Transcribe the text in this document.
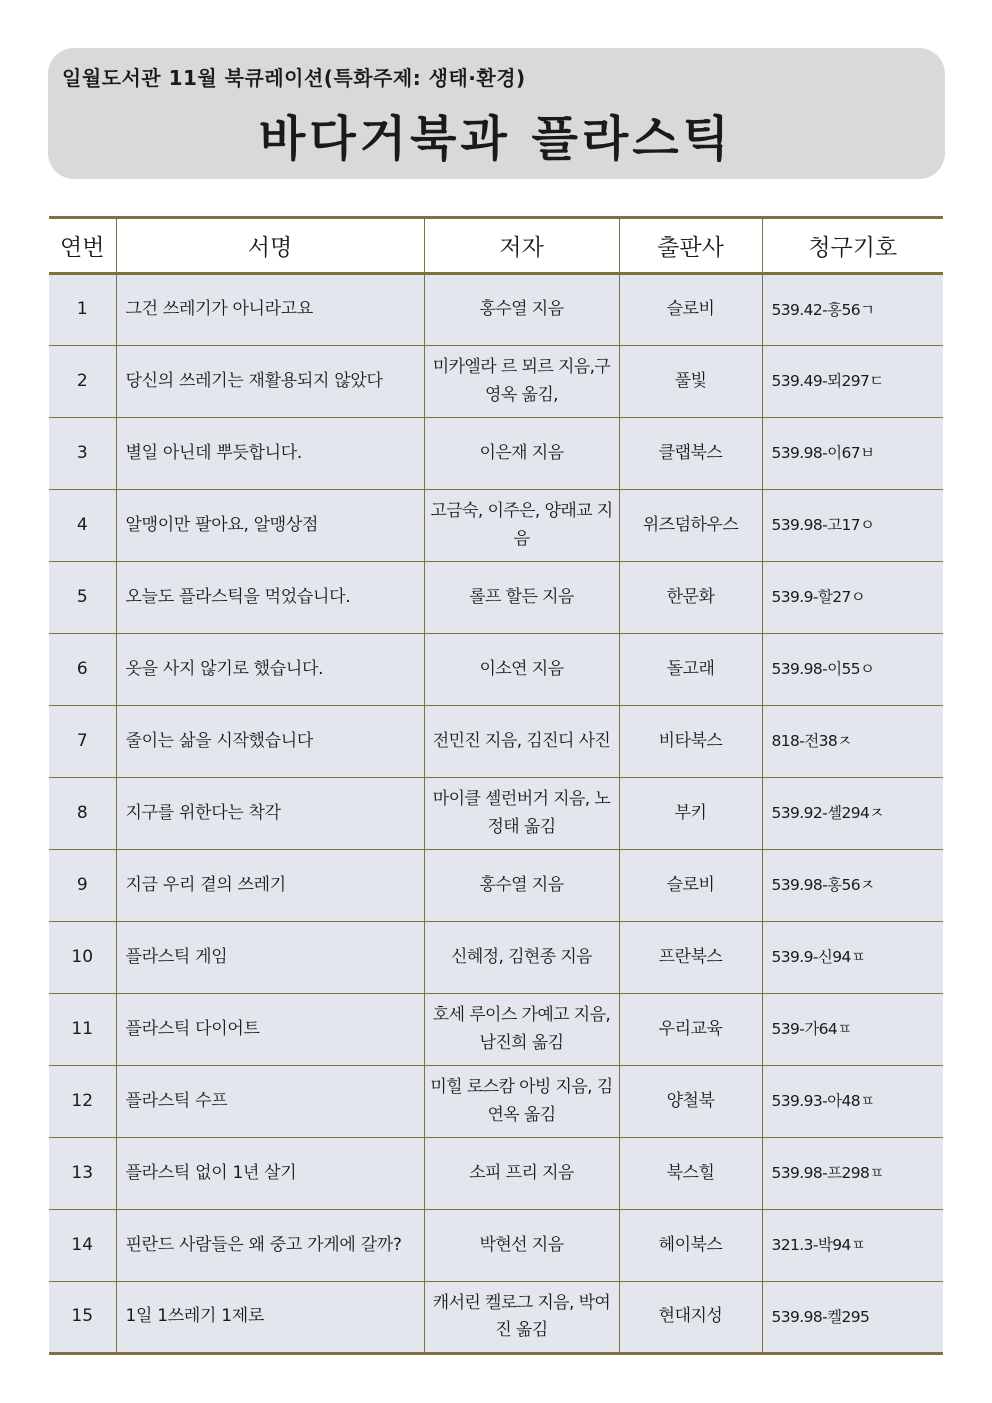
일월도서관 11월 북큐레이션(특화주제: 생태·환경)
바다거북과 플라스틱
연번	서명	저자	출판사	청구기호
1	그건 쓰레기가 아니라고요	홍수열 지음	슬로비	539.42-홍56ㄱ
2	당신의 쓰레기는 재활용되지 않았다	미카엘라 르 뫼르 지음,구영옥 옮김,	풀빛	539.49-뫼297ㄷ
3	별일 아닌데 뿌듯합니다.	이은재 지음	클랩북스	539.98-이67ㅂ
4	알맹이만 팔아요, 알맹상점	고금숙, 이주은, 양래교 지음	위즈덤하우스	539.98-고17ㅇ
5	오늘도 플라스틱을 먹었습니다.	롤프 할든 지음	한문화	539.9-할27ㅇ
6	옷을 사지 않기로 했습니다.	이소연 지음	돌고래	539.98-이55ㅇ
7	줄이는 삶을 시작했습니다	전민진 지음, 김진디 사진	비타북스	818-전38ㅈ
8	지구를 위한다는 착각	마이클 셸런버거 지음, 노정태 옮김	부키	539.92-셸294ㅈ
9	지금 우리 곁의 쓰레기	홍수열 지음	슬로비	539.98-홍56ㅈ
10	플라스틱 게임	신혜정, 김현종 지음	프란북스	539.9-신94ㅍ
11	플라스틱 다이어트	호세 루이스 가예고 지음, 남진희 옮김	우리교육	539-가64ㅍ
12	플라스틱 수프	미힐 로스캄 아빙 지음, 김연옥 옮김	양철북	539.93-아48ㅍ
13	플라스틱 없이 1년 살기	소피 프리 지음	북스힐	539.98-프298ㅍ
14	핀란드 사람들은 왜 중고 가게에 갈까?	박현선 지음	헤이북스	321.3-박94ㅍ
15	1일 1쓰레기 1제로	캐서린 켈로그 지음, 박여진 옮김	현대지성	539.98-켈295
